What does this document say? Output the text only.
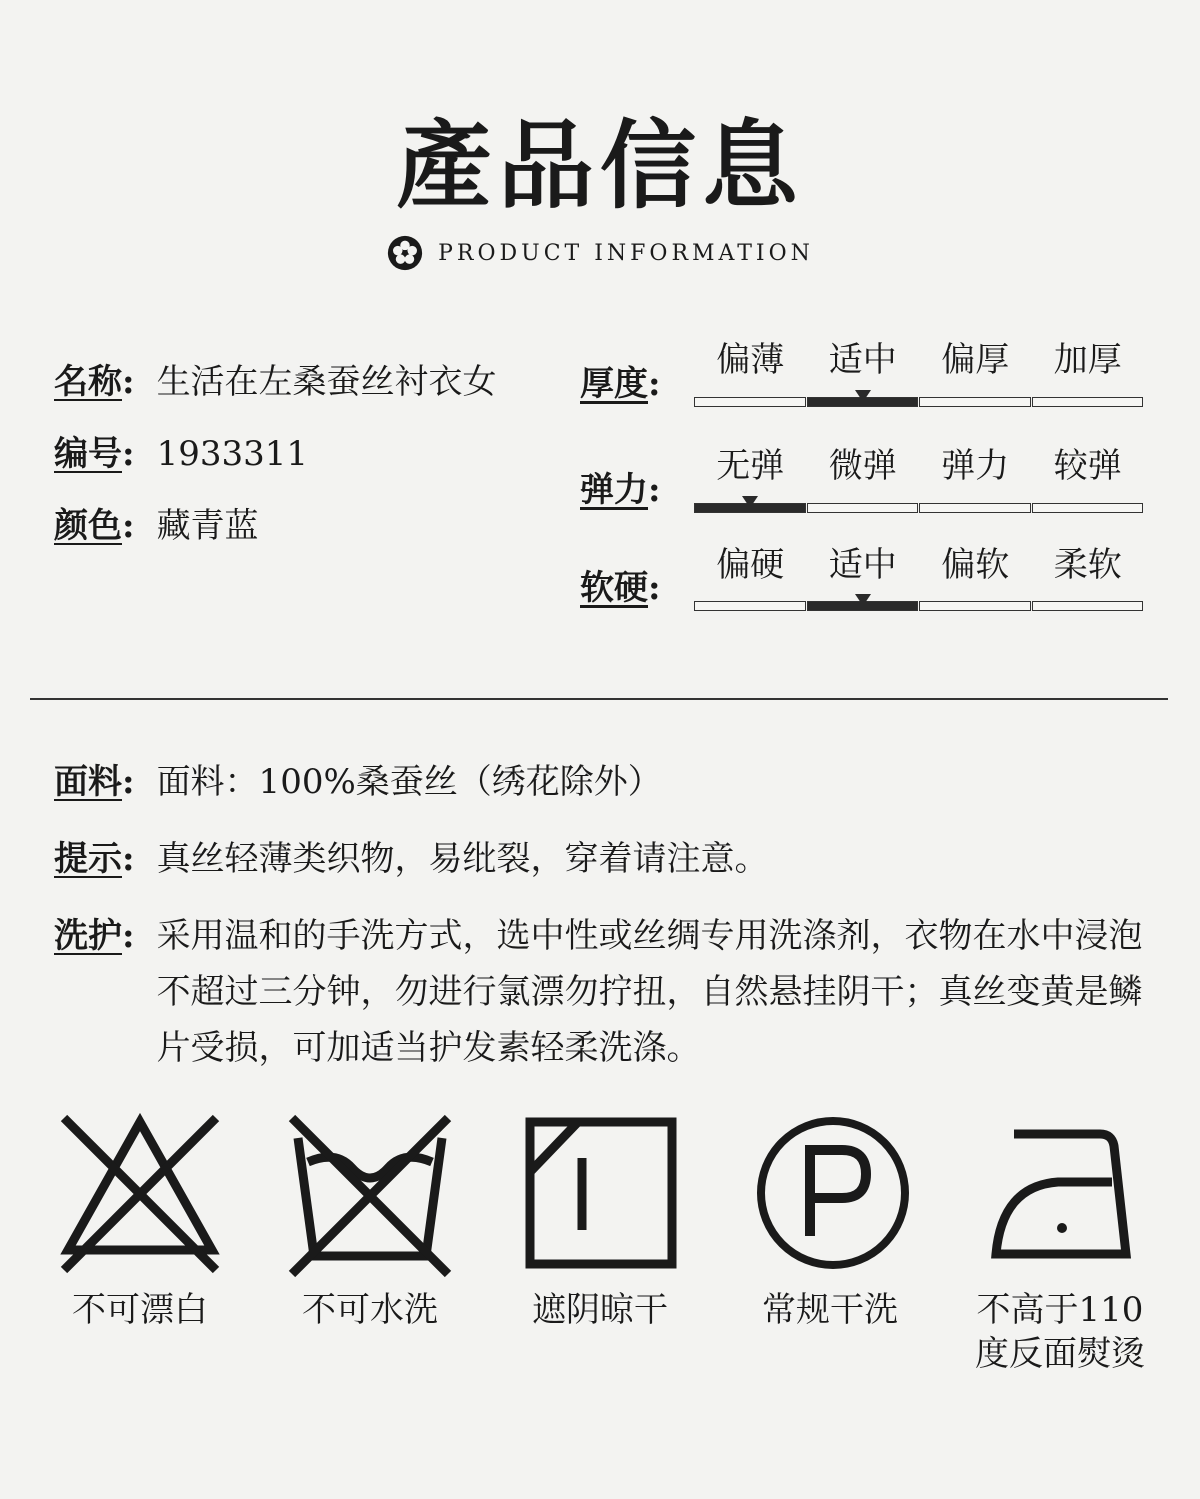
產品信息
PRODUCT INFORMATION
名称: 生活在左桑蚕丝衬衣女
编号: 1933311
颜色: 藏青蓝
厚度:
偏薄	适中	偏厚	加厚
弹力:
无弹	微弹	弹力	较弹
软硬:
偏硬	适中	偏软	柔软
面料: 面料：100%桑蚕丝（绣花除外）
提示: 真丝轻薄类织物，易纰裂，穿着请注意。
洗护: 采用温和的手洗方式，选中性或丝绸专用洗涤剂，衣物在水中浸泡不超过三分钟，勿进行氯漂勿拧扭，自然悬挂阴干；真丝变黄是鳞片受损，可加适当护发素轻柔洗涤。
不可漂白	不可水洗	遮阴晾干	常规干洗	不高于110度反面熨烫
